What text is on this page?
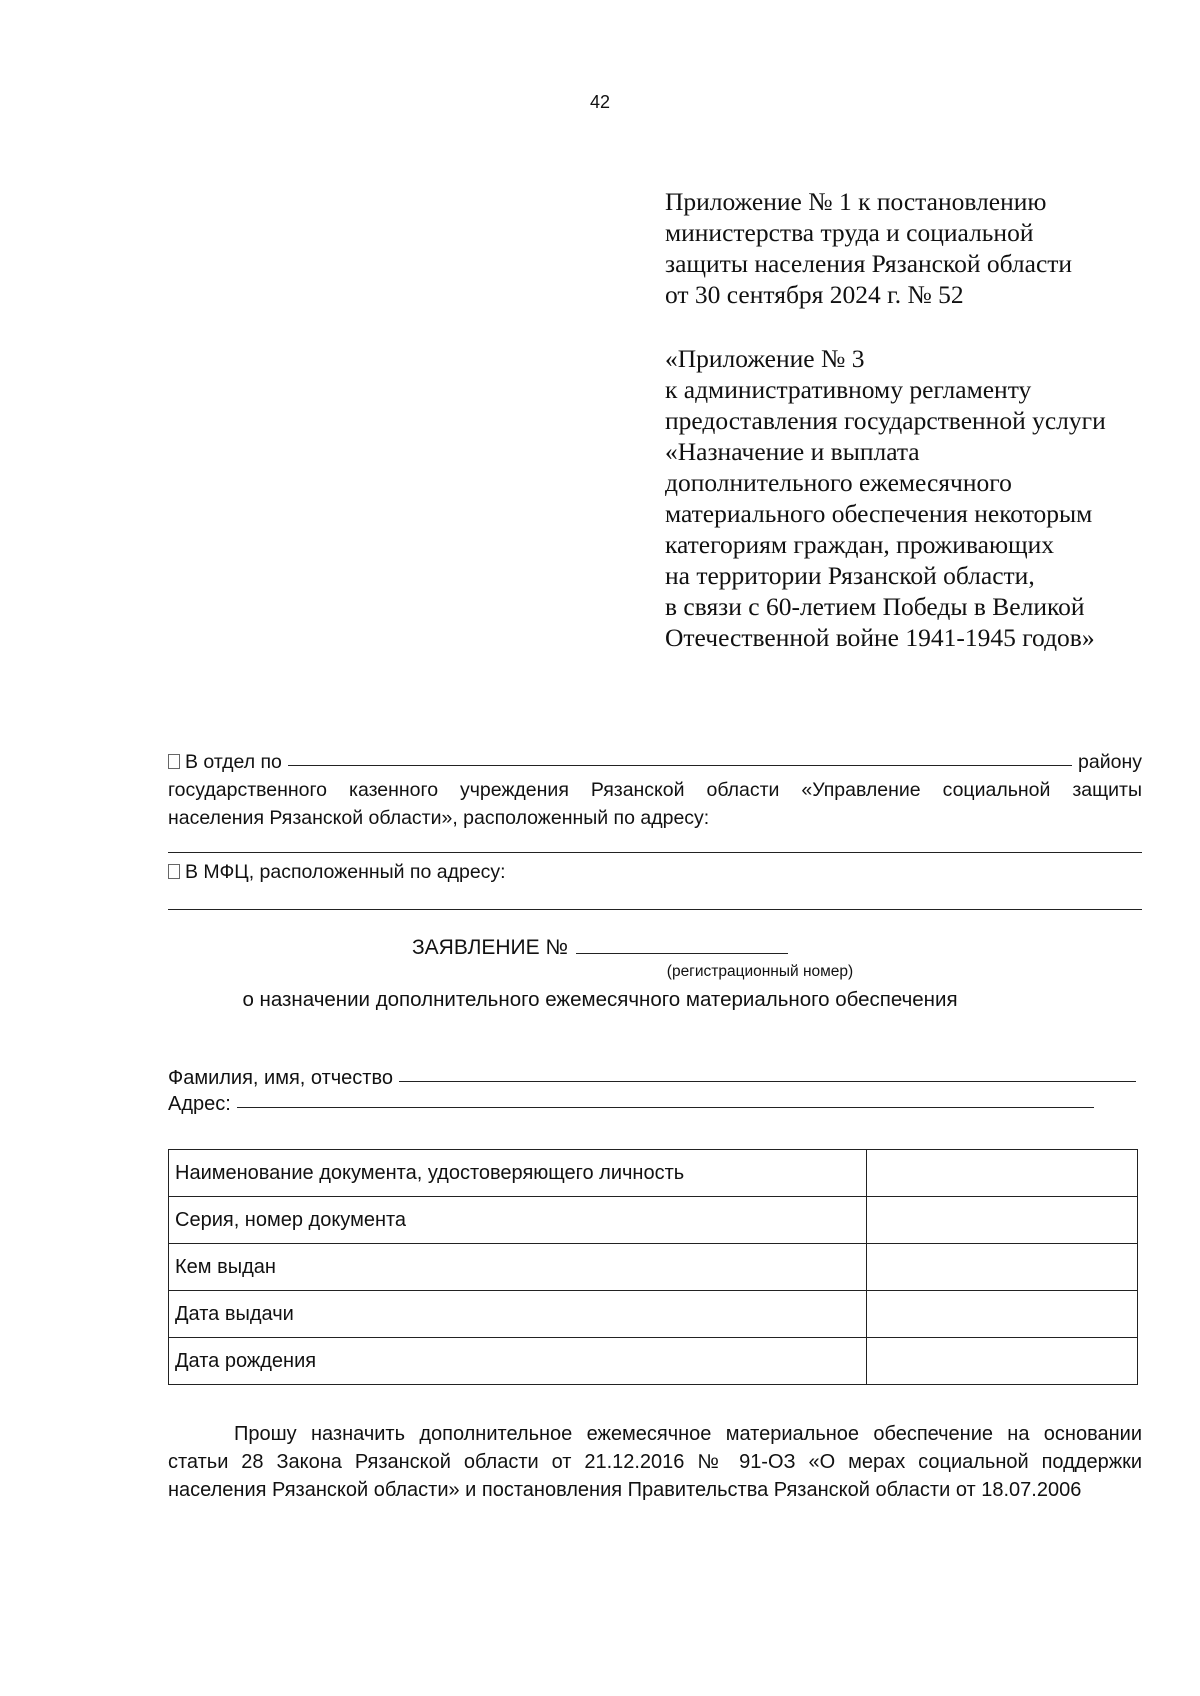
42
Приложение № 1 к постановлению
министерства труда и социальной
защиты населения Рязанской области
от 30 сентября 2024 г. № 52
«Приложение № 3
к административному регламенту
предоставления государственной услуги
«Назначение и выплата
дополнительного ежемесячного
материального обеспечения некоторым
категориям граждан, проживающих
на территории Рязанской области,
в связи с 60-летием Победы в Великой
Отечественной войне 1941-1945 годов»
В отдел по	району
государственного казенного учреждения Рязанской области «Управление социальной защиты
населения Рязанской области», расположенный по адресу:
В МФЦ, расположенный по адресу:
ЗАЯВЛЕНИЕ №
(регистрационный номер)
о назначении дополнительного ежемесячного материального обеспечения
Фамилия, имя, отчество
Адрес:
Наименование документа, удостоверяющего личность	
Серия, номер документа	
Кем выдан	
Дата выдачи	
Дата рождения	
Прошу назначить дополнительное ежемесячное материальное обеспечение на основании статьи 28 Закона Рязанской области от 21.12.2016 № 91-ОЗ «О мерах социальной поддержки населения Рязанской области» и постановления Правительства Рязанской области от 18.07.2006
